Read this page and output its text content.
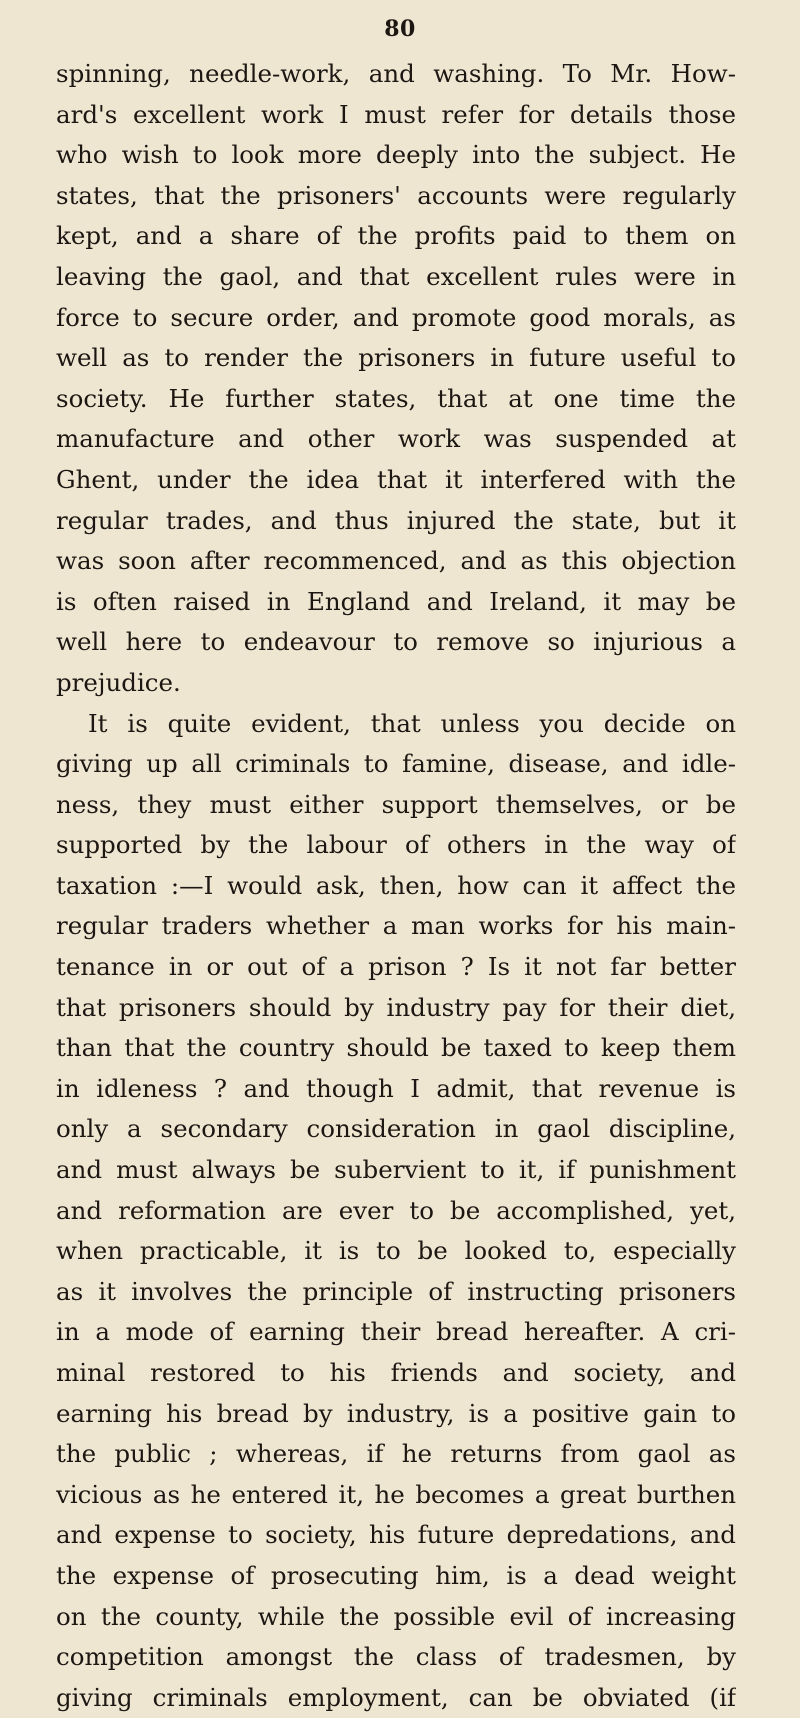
80
spinning, needle-work, and washing. To Mr. How-
ard's excellent work I must refer for details those
who wish to look more deeply into the subject. He
states, that the prisoners' accounts were regularly
kept, and a share of the profits paid to them on
leaving the gaol, and that excellent rules were in
force to secure order, and promote good morals, as
well as to render the prisoners in future useful to
society. He further states, that at one time the
manufacture and other work was suspended at
Ghent, under the idea that it interfered with the
regular trades, and thus injured the state, but it
was soon after recommenced, and as this objection
is often raised in England and Ireland, it may be
well here to endeavour to remove so injurious a
prejudice.
It is quite evident, that unless you decide on
giving up all criminals to famine, disease, and idle-
ness, they must either support themselves, or be
supported by the labour of others in the way of
taxation :—I would ask, then, how can it affect the
regular traders whether a man works for his main-
tenance in or out of a prison ? Is it not far better
that prisoners should by industry pay for their diet,
than that the country should be taxed to keep them
in idleness ? and though I admit, that revenue is
only a secondary consideration in gaol discipline,
and must always be subervient to it, if punishment
and reformation are ever to be accomplished, yet,
when practicable, it is to be looked to, especially
as it involves the principle of instructing prisoners
in a mode of earning their bread hereafter. A cri-
minal restored to his friends and society, and
earning his bread by industry, is a positive gain to
the public ; whereas, if he returns from gaol as
vicious as he entered it, he becomes a great burthen
and expense to society, his future depredations, and
the expense of prosecuting him, is a dead weight
on the county, while the possible evil of increasing
competition amongst the class of tradesmen, by
giving criminals employment, can be obviated (if
